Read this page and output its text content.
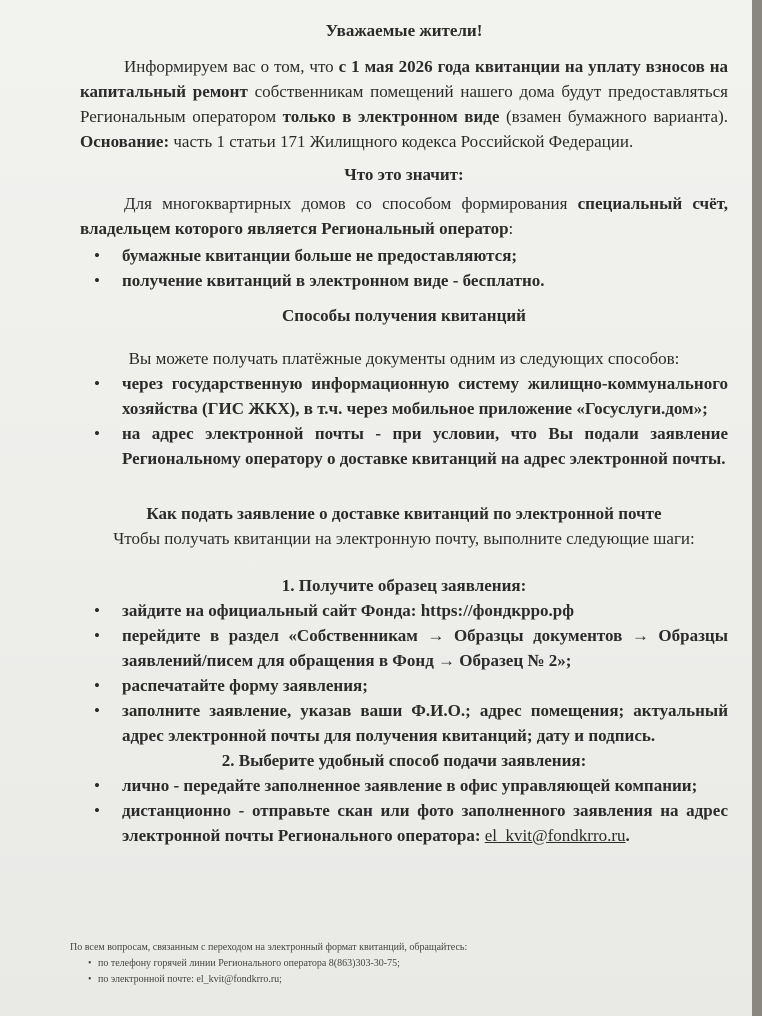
Уважаемые жители!

Информируем вас о том, что с 1 мая 2026 года квитанции на уплату взносов на капитальный ремонт собственникам помещений нашего дома будут предоставляться Региональным оператором только в электронном виде (взамен бумажного варианта). Основание: часть 1 статьи 171 Жилищного кодекса Российской Федерации.

Что это значит:

Для многоквартирных домов со способом формирования специальный счёт, владельцем которого является Региональный оператор:

• бумажные квитанции больше не предоставляются;
• получение квитанций в электронном виде - бесплатно.

Способы получения квитанций

Вы можете получать платёжные документы одним из следующих способов:

• через государственную информационную систему жилищно-коммунального хозяйства (ГИС ЖКХ), в т.ч. через мобильное приложение «Госуслуги.дом»;
• на адрес электронной почты - при условии, что Вы подали заявление Региональному оператору о доставке квитанций на адрес электронной почты.

Как подать заявление о доставке квитанций по электронной почте

Чтобы получать квитанции на электронную почту, выполните следующие шаги:

1. Получите образец заявления:

• зайдите на официальный сайт Фонда: https://фондкрро.рф
• перейдите в раздел «Собственникам → Образцы документов → Образцы заявлений/писем для обращения в Фонд → Образец № 2»;
• распечатайте форму заявления;
• заполните заявление, указав ваши Ф.И.О.; адрес помещения; актуальный адрес электронной почты для получения квитанций; дату и подпись.

2. Выберите удобный способ подачи заявления:

• лично - передайте заполненное заявление в офис управляющей компании;
• дистанционно - отправьте скан или фото заполненного заявления на адрес электронной почты Регионального оператора: el_kvit@fondkrro.ru.

По всем вопросам, связанным с переходом на электронный формат квитанций, обращайтесь:

• по телефону горячей линии Регионального оператора 8(863)303-30-75;
• по электронной почте: el_kvit@fondkrro.ru;
